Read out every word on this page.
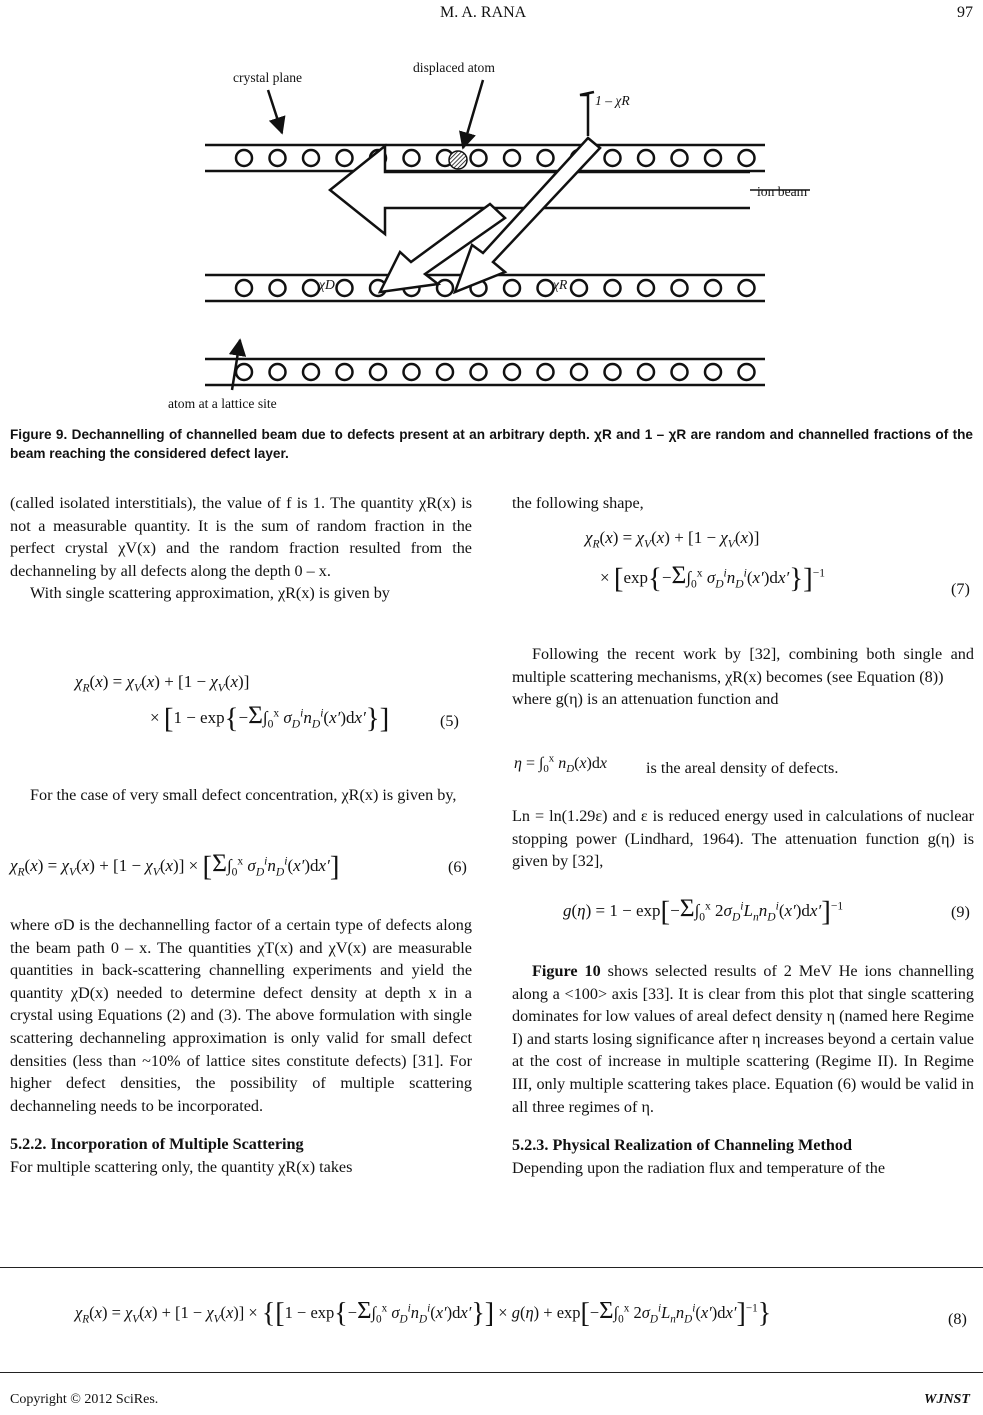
M. A. RANA	97
crystal plane
displaced atom
1 – χR
ion beam
χD	χR
atom at a lattice site
Figure 9. Dechannelling of channelled beam due to defects present at an arbitrary depth. χR and 1 – χR are random and channelled fractions of the beam reaching the considered defect layer.

(called isolated interstitials), the value of f is 1. The quantity χR(x) is not a measurable quantity. It is the sum of random fraction in the perfect crystal χV(x) and the random fraction resulted from the dechanneling by all defects along the depth 0 – x.

With single scattering approximation, χR(x) is given by

$\chi_R(x) = \chi_V(x) + [1 - \chi_V(x)]$
× [$1 - \exp\{-\Sigma\int_0^x$ $\sigma_D^in_D^i(x')dx'$}]	(5)

For the case of very small defect concentration, χR(x) is given by,

$\chi_R(x) = \chi_V(x) + [1 - \chi_V(x)] \times [\Sigma\int_0^x$ $\sigma_D^in_D^i(x')dx'$]	(6)

where σD is the dechannelling factor of a certain type of defects along the beam path 0 – x. The quantities χT(x) and χV(x) are measurable quantities in back-scattering channelling experiments and yield the quantity χD(x) needed to determine defect density at depth x in a crystal using Equations (2) and (3). The above formulation with single scattering dechanneling approximation is only valid for small defect densities (less than ~10% of lattice sites constitute defects) [31]. For higher defect densities, the possibility of multiple scattering dechanneling needs to be incorporated.

5.2.2. Incorporation of Multiple Scattering

For multiple scattering only, the quantity χR(x) takes

the following shape,

$\chi_R(x) = \chi_V(x) + [1 - \chi_V(x)]$
× [$\exp\{-\Sigma\int_0^x$ $\sigma_D^in_D^i(x')dx'\}]^{-1}$
(7)

Following the recent work by [32], combining both single and multiple scattering mechanisms, χR(x) becomes (see Equation (8))

where g(η) is an attenuation function and

$\eta = \int_0^x$ $n_D(x)dx$ is the areal density of defects.

Ln = ln(1.29ε) and ε is reduced energy used in calculations of nuclear stopping power (Lindhard, 1964). The attenuation function g(η) is given by [32],

$g(\eta) = 1 - \exp[-\Sigma\int_0^x$ $2\sigma_D^iL_nn_D^i(x')dx']^{-1}$	(9)

Figure 10 shows selected results of 2 MeV He ions channelling along a <100> axis [33]. It is clear from this plot that single scattering dominates for low values of areal defect density η (named here Regime I) and starts losing significance after η increases beyond a certain value at the cost of increase in multiple scattering (Regime II). In Regime III, only multiple scattering takes place. Equation (6) would be valid in all three regimes of η.

5.2.3. Physical Realization of Channeling Method

Depending upon the radiation flux and temperature of the

$\chi_R(x) = \chi_V(x) + [1 - \chi_V(x)] \times \{[1 - \exp\{-\Sigma\int_0^x$ $\sigma_D^in_D^i(x')dx'\}] \times g(\eta) + \exp[-\Sigma\int_0^x$ $2\sigma_D^iL_nn_D^i(x')dx']^{-1}$}	(8)
Copyright © 2012 SciRes.	WJNST
